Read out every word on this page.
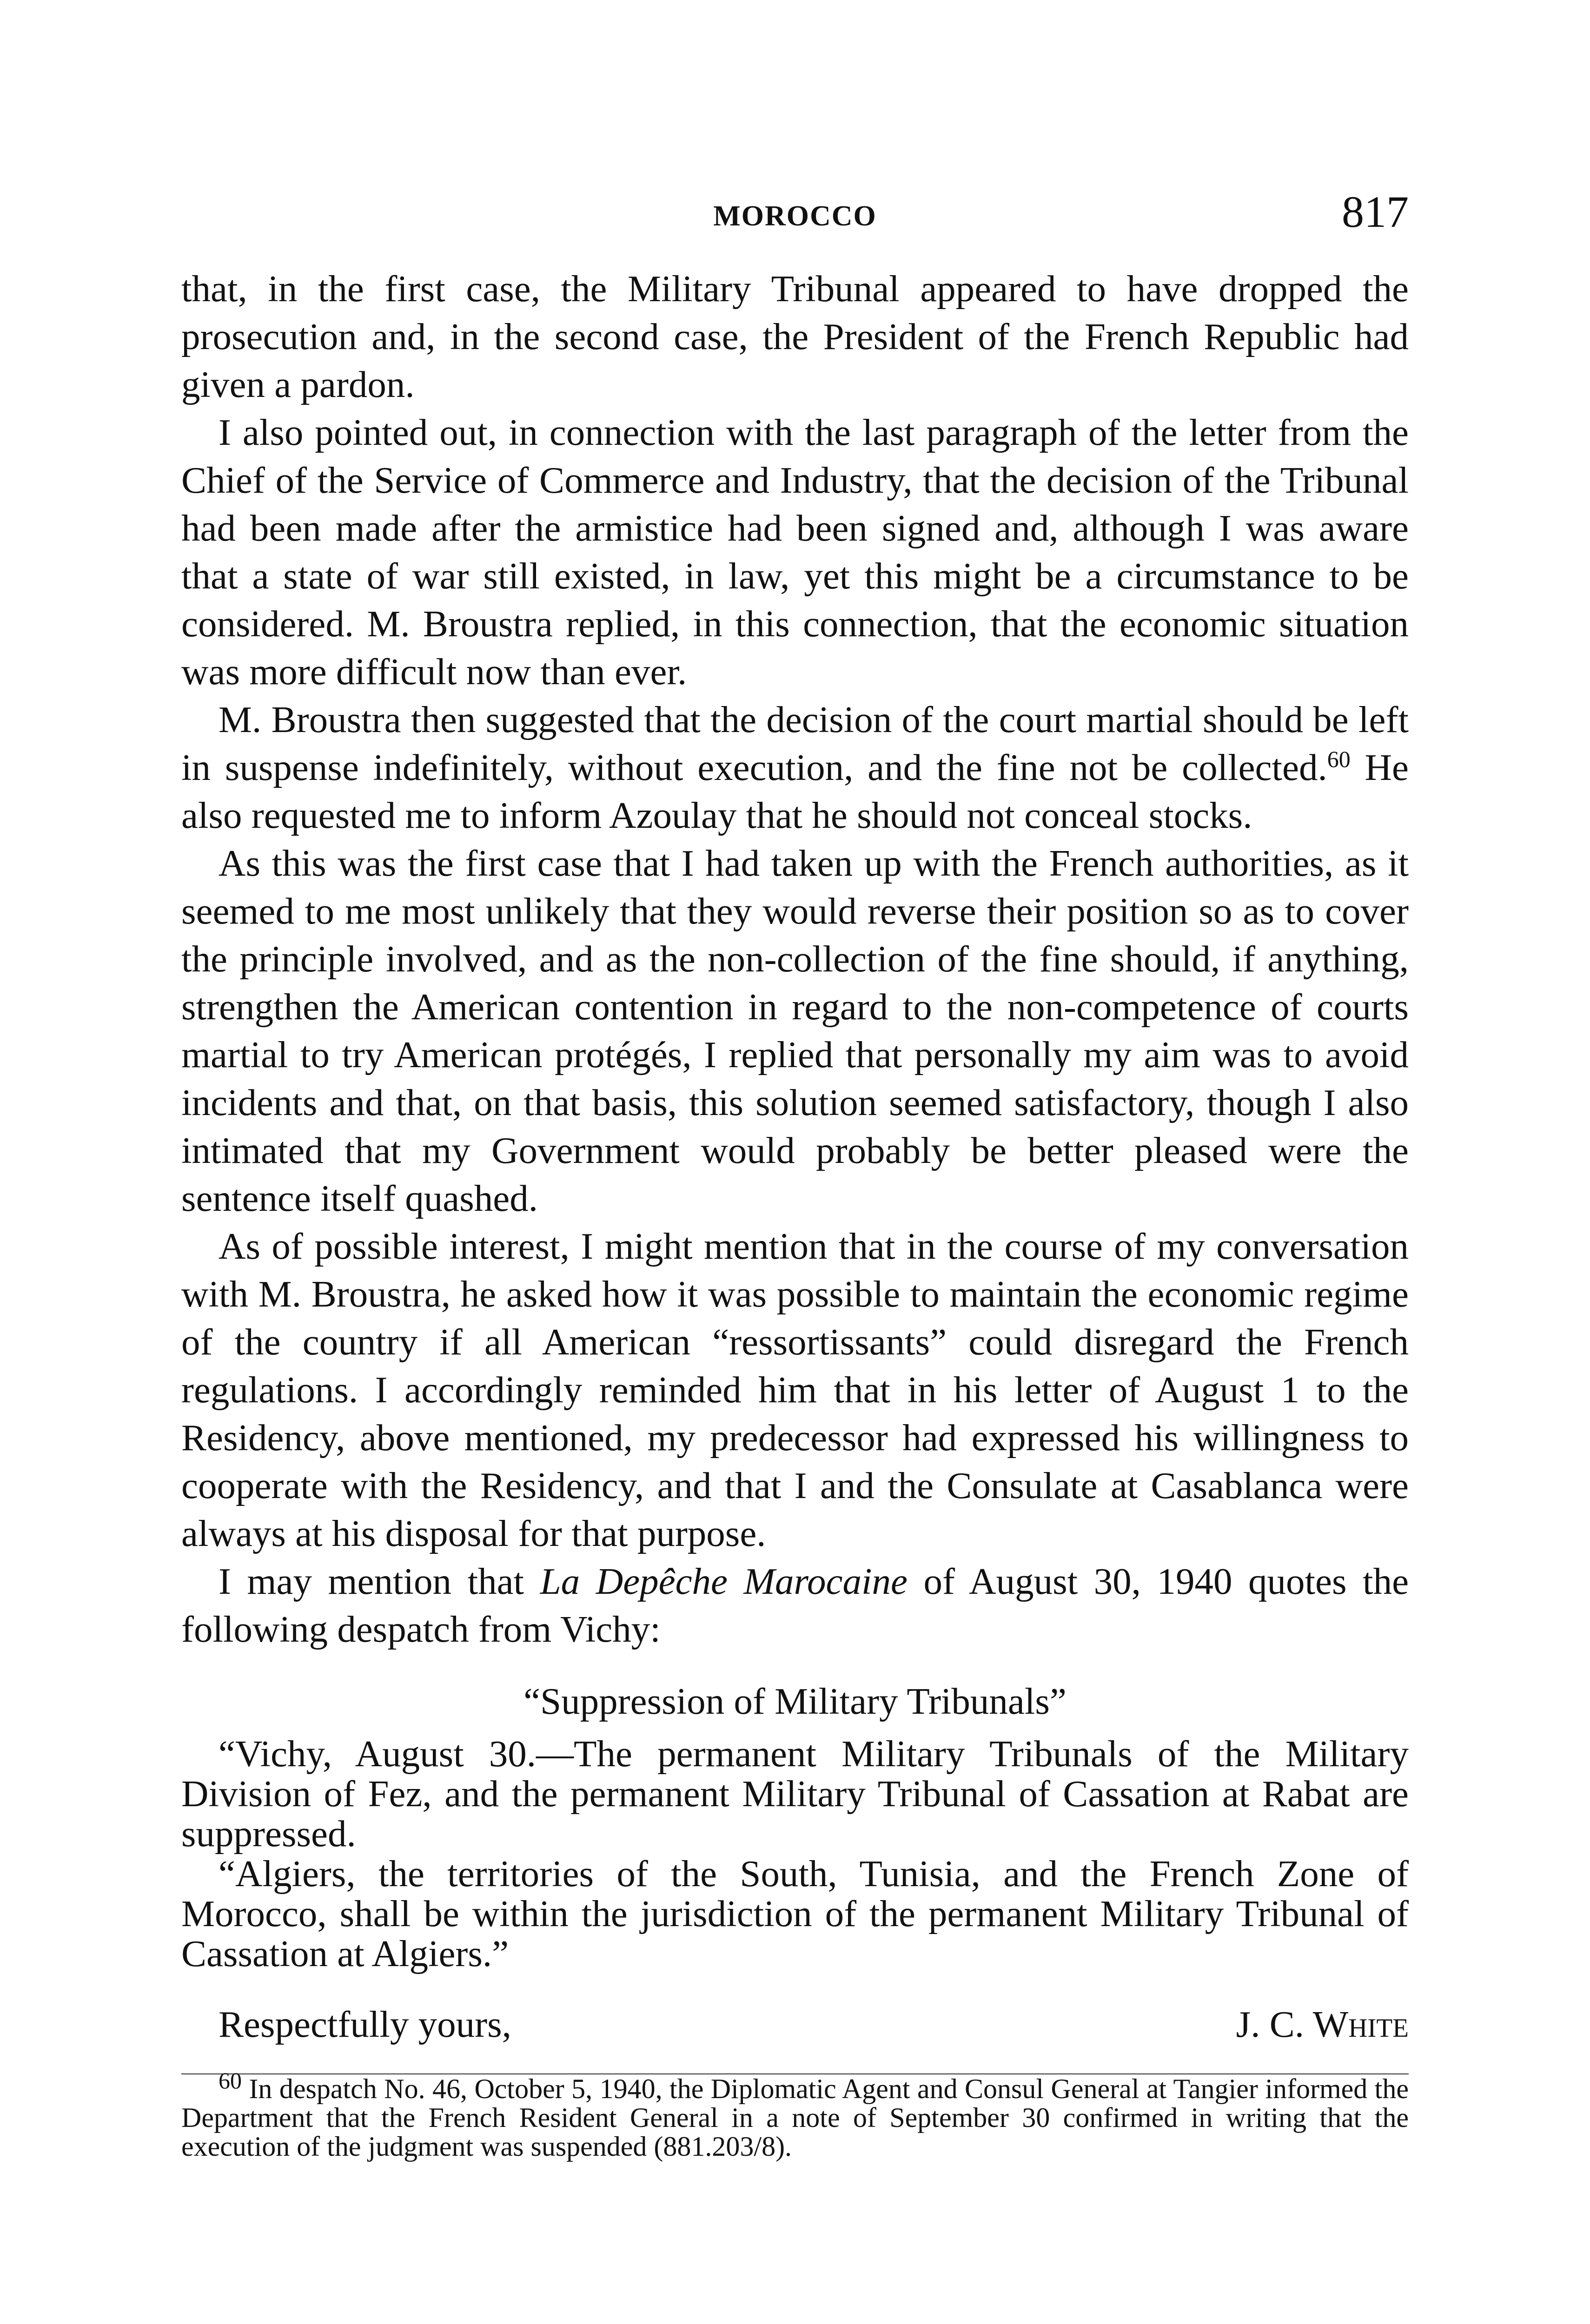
MOROCCO	817

that, in the first case, the Military Tribunal appeared to have dropped the prosecution and, in the second case, the President of the French Republic had given a pardon.

I also pointed out, in connection with the last paragraph of the letter from the Chief of the Service of Commerce and Industry, that the decision of the Tribunal had been made after the armistice had been signed and, although I was aware that a state of war still existed, in law, yet this might be a circumstance to be considered. M. Broustra replied, in this connection, that the economic situation was more difficult now than ever.

M. Broustra then suggested that the decision of the court martial should be left in suspense indefinitely, without execution, and the fine not be collected.$^{60}$ He also requested me to inform Azoulay that he should not conceal stocks.

As this was the first case that I had taken up with the French authorities, as it seemed to me most unlikely that they would reverse their position so as to cover the principle involved, and as the non-collection of the fine should, if anything, strengthen the American contention in regard to the non-competence of courts martial to try American protégés, I replied that personally my aim was to avoid incidents and that, on that basis, this solution seemed satisfactory, though I also intimated that my Government would probably be better pleased were the sentence itself quashed.

As of possible interest, I might mention that in the course of my conversation with M. Broustra, he asked how it was possible to maintain the economic regime of the country if all American “ressortissants” could disregard the French regulations. I accordingly reminded him that in his letter of August 1 to the Residency, above mentioned, my predecessor had expressed his willingness to cooperate with the Residency, and that I and the Consulate at Casablanca were always at his disposal for that purpose.

I may mention that La Depêche Marocaine of August 30, 1940 quotes the following despatch from Vichy:

“Suppression of Military Tribunals”

“Vichy, August 30.—The permanent Military Tribunals of the Military Division of Fez, and the permanent Military Tribunal of Cassation at Rabat are suppressed.

“Algiers, the territories of the South, Tunisia, and the French Zone of Morocco, shall be within the jurisdiction of the permanent Military Tribunal of Cassation at Algiers.”

Respectfully yours,	J. C. White

$^{60}$ In despatch No. 46, October 5, 1940, the Diplomatic Agent and Consul General at Tangier informed the Department that the French Resident General in a note of September 30 confirmed in writing that the execution of the judgment was suspended (881.203/8).
